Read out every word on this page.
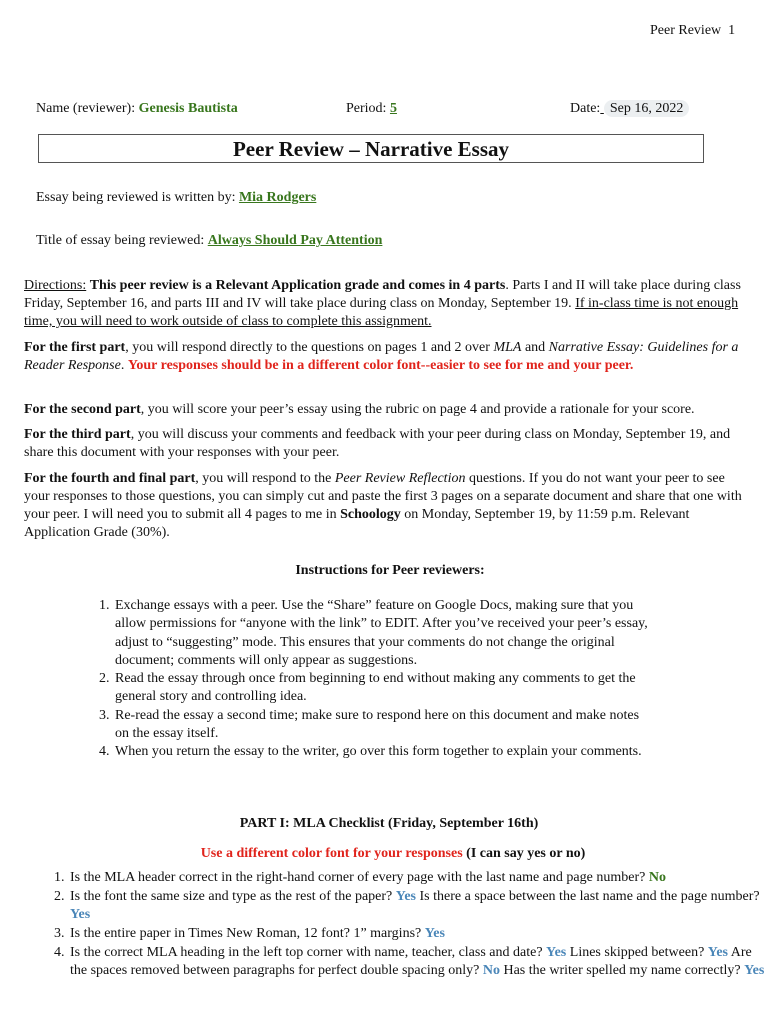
Peer Review 1
Name (reviewer): Genesis Bautista	Period: 5	Date: Sep 16, 2022
Peer Review – Narrative Essay
Essay being reviewed is written by: Mia Rodgers
Title of essay being reviewed: Always Should Pay Attention

Directions: This peer review is a Relevant Application grade and comes in 4 parts. Parts I and II will take place during class Friday, September 16, and parts III and IV will take place during class on Monday, September 19. If in-class time is not enough time, you will need to work outside of class to complete this assignment.

For the first part, you will respond directly to the questions on pages 1 and 2 over MLA and Narrative Essay: Guidelines for a Reader Response. Your responses should be in a different color font--easier to see for me and your peer.

For the second part, you will score your peer’s essay using the rubric on page 4 and provide a rationale for your score.

For the third part, you will discuss your comments and feedback with your peer during class on Monday, September 19, and share this document with your responses with your peer.

For the fourth and final part, you will respond to the Peer Review Reflection questions. If you do not want your peer to see your responses to those questions, you can simply cut and paste the first 3 pages on a separate document and share that one with your peer. I will need you to submit all 4 pages to me in Schoology on Monday, September 19, by 11:59 p.m. Relevant Application Grade (30%).

Instructions for Peer reviewers:
1. Exchange essays with a peer. Use the “Share” feature on Google Docs, making sure that you allow permissions for “anyone with the link” to EDIT. After you’ve received your peer’s essay, adjust to “suggesting” mode. This ensures that your comments do not change the original document; comments will only appear as suggestions.
2. Read the essay through once from beginning to end without making any comments to get the general story and controlling idea.
3. Re-read the essay a second time; make sure to respond here on this document and make notes on the essay itself.
4. When you return the essay to the writer, go over this form together to explain your comments.
PART I: MLA Checklist (Friday, September 16th)
Use a different color font for your responses (I can say yes or no)
1. Is the MLA header correct in the right-hand corner of every page with the last name and page number? No
2. Is the font the same size and type as the rest of the paper? Yes Is there a space between the last name and the page number? Yes
3. Is the entire paper in Times New Roman, 12 font? 1” margins? Yes
4. Is the correct MLA heading in the left top corner with name, teacher, class and date? Yes Lines skipped between? Yes Are the spaces removed between paragraphs for perfect double spacing only? No Has the writer spelled my name correctly? Yes
